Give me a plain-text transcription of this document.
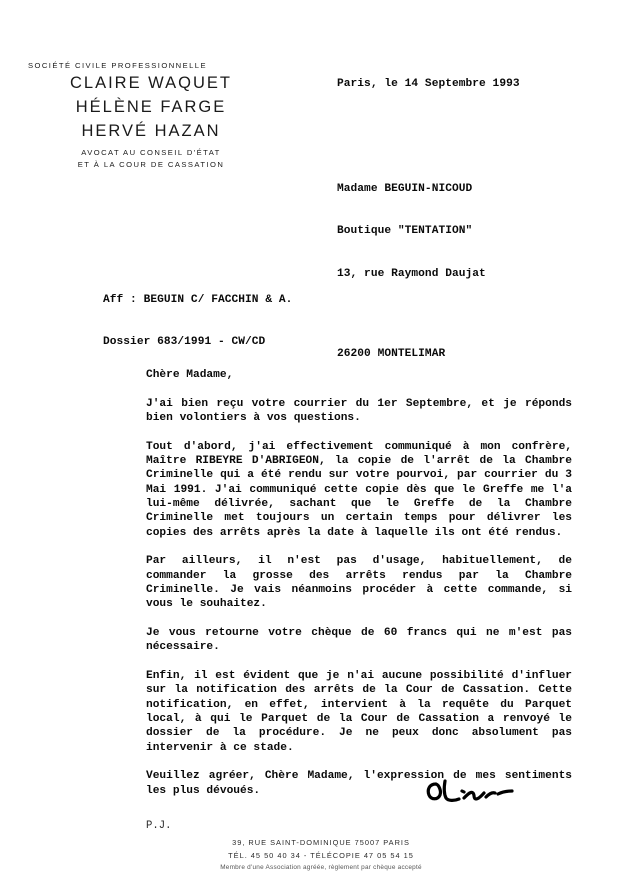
SOCIÉTÉ CIVILE PROFESSIONNELLE
CLAIRE WAQUET
HÉLÈNE FARGE
HERVÉ HAZAN
AVOCAT AU CONSEIL D'ÉTAT
ET À LA COUR DE CASSATION
Paris, le 14 Septembre 1993

Madame BEGUIN-NICOUD

Boutique "TENTATION"

13, rue Raymond Daujat

26200 MONTELIMAR

Aff : BEGUIN C/ FACCHIN & A.

Dossier 683/1991 - CW/CD

Chère Madame,

J'ai bien reçu votre courrier du 1er Septembre, et je réponds bien volontiers à vos questions.

Tout d'abord, j'ai effectivement communiqué à mon confrère, Maître RIBEYRE D'ABRIGEON, la copie de l'arrêt de la Chambre Criminelle qui a été rendu sur votre pourvoi, par courrier du 3 Mai 1991. J'ai communiqué cette copie dès que le Greffe me l'a lui-même délivrée, sachant que le Greffe de la Chambre Criminelle met toujours un certain temps pour délivrer les copies des arrêts après la date à laquelle ils ont été rendus.

Par ailleurs, il n'est pas d'usage, habituellement, de commander la grosse des arrêts rendus par la Chambre Criminelle. Je vais néanmoins procéder à cette commande, si vous le souhaitez.

Je vous retourne votre chèque de 60 francs qui ne m'est pas nécessaire.

Enfin, il est évident que je n'ai aucune possibilité d'influer sur la notification des arrêts de la Cour de Cassation. Cette notification, en effet, intervient à la requête du Parquet local, à qui le Parquet de la Cour de Cassation a renvoyé le dossier de la procédure. Je ne peux donc absolument pas intervenir à ce stade.

Veuillez agréer, Chère Madame, l'expression de mes sentiments les plus dévoués.

P.J.
39, RUE SAINT-DOMINIQUE 75007 PARIS
TÉL. 45 50 40 34 - TÉLÉCOPIE 47 05 54 15
Membre d'une Association agréée, règlement par chèque accepté
